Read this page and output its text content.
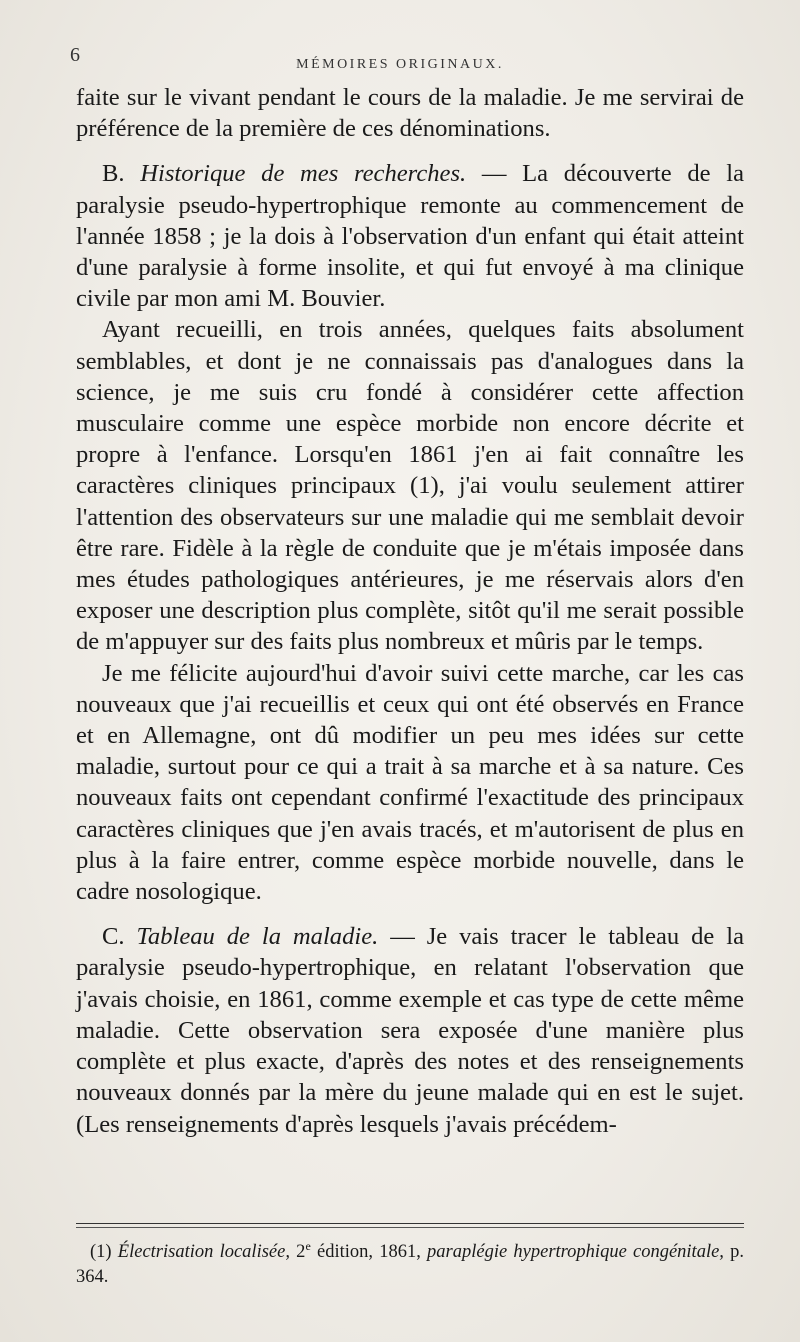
6	MÉMOIRES ORIGINAUX.

faite sur le vivant pendant le cours de la maladie. Je me servirai de préférence de la première de ces dénominations.

B. Historique de mes recherches. — La découverte de la paralysie pseudo-hypertrophique remonte au commencement de l'année 1858 ; je la dois à l'observation d'un enfant qui était atteint d'une paralysie à forme insolite, et qui fut envoyé à ma clinique civile par mon ami M. Bouvier.

Ayant recueilli, en trois années, quelques faits absolument semblables, et dont je ne connaissais pas d'analogues dans la science, je me suis cru fondé à considérer cette affection musculaire comme une espèce morbide non encore décrite et propre à l'enfance. Lorsqu'en 1861 j'en ai fait connaître les caractères cliniques principaux (1), j'ai voulu seulement attirer l'attention des observateurs sur une maladie qui me semblait devoir être rare. Fidèle à la règle de conduite que je m'étais imposée dans mes études pathologiques antérieures, je me réservais alors d'en exposer une description plus complète, sitôt qu'il me serait possible de m'appuyer sur des faits plus nombreux et mûris par le temps.

Je me félicite aujourd'hui d'avoir suivi cette marche, car les cas nouveaux que j'ai recueillis et ceux qui ont été observés en France et en Allemagne, ont dû modifier un peu mes idées sur cette maladie, surtout pour ce qui a trait à sa marche et à sa nature. Ces nouveaux faits ont cependant confirmé l'exactitude des principaux caractères cliniques que j'en avais tracés, et m'autorisent de plus en plus à la faire entrer, comme espèce morbide nouvelle, dans le cadre nosologique.

C. Tableau de la maladie. — Je vais tracer le tableau de la paralysie pseudo-hypertrophique, en relatant l'observation que j'avais choisie, en 1861, comme exemple et cas type de cette même maladie. Cette observation sera exposée d'une manière plus complète et plus exacte, d'après des notes et des renseignements nouveaux donnés par la mère du jeune malade qui en est le sujet. (Les renseignements d'après lesquels j'avais précédem-

(1) Électrisation localisée, 2e édition, 1861, paraplégie hypertrophique congénitale, p. 364.
